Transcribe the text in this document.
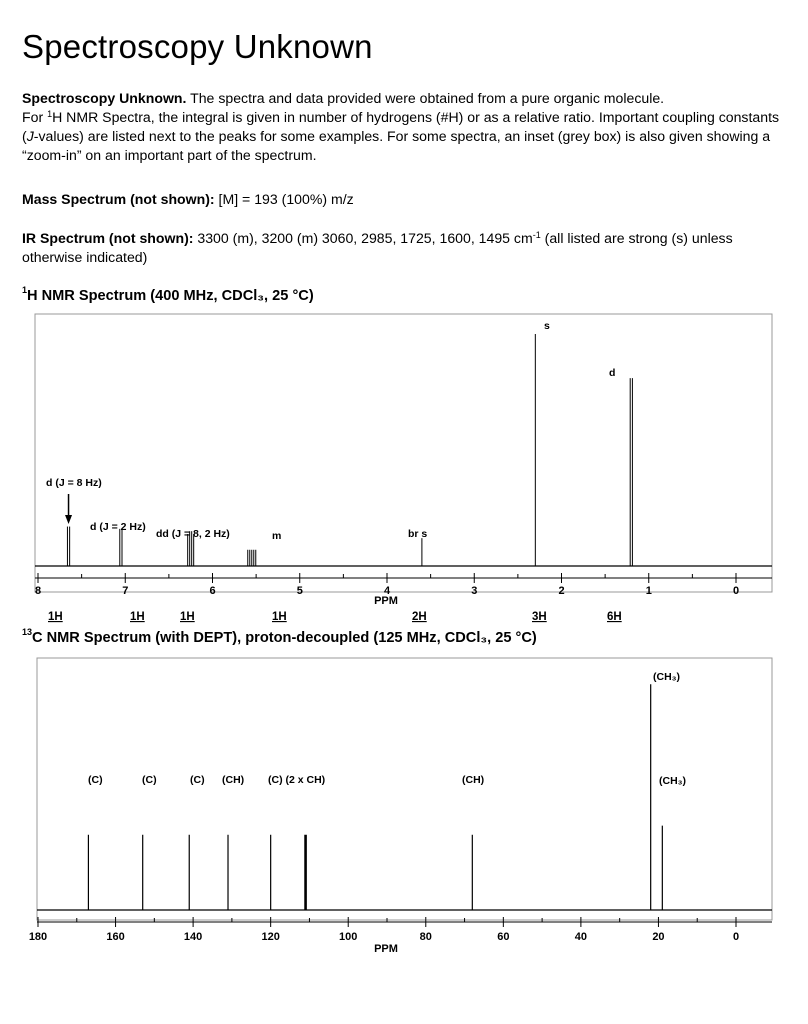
Spectroscopy Unknown
Spectroscopy Unknown. The spectra and data provided were obtained from a pure organic molecule.
For $^1$H NMR Spectra, the integral is given in number of hydrogens (#H) or as a relative ratio. Important coupling constants
(J-values) are listed next to the peaks for some examples. For some spectra, an inset (grey box) is also given showing a
“zoom-in” on an important part of the spectrum.
Mass Spectrum (not shown): [M] = 193 (100%) m/z
IR Spectrum (not shown): 3300 (m), 3200 (m) 3060, 2985, 1725, 1600, 1495 $cm^{-1}$ (all listed are strong (s) unless
otherwise indicated)
$^1$H NMR Spectrum (400 MHz, CDCl₃, 25 °C)
8	7	6	5	4	3	2	1	0
PPM
d (J = 8 Hz)
1H
d (J = 2 Hz)
1H
dd (J = 8, 2 Hz)
1H
m
1H
br s
2H
s
3H
d
6H
$^{13}$C NMR Spectrum (with DEPT), proton-decoupled (125 MHz, CDCl₃, 25 °C)
180	160	140	120	100	80	60	40	20	0
PPM
(C)	(C)	(C) (CH) (C) (2 x CH)	(CH)
(CH₃)
(CH₃)
